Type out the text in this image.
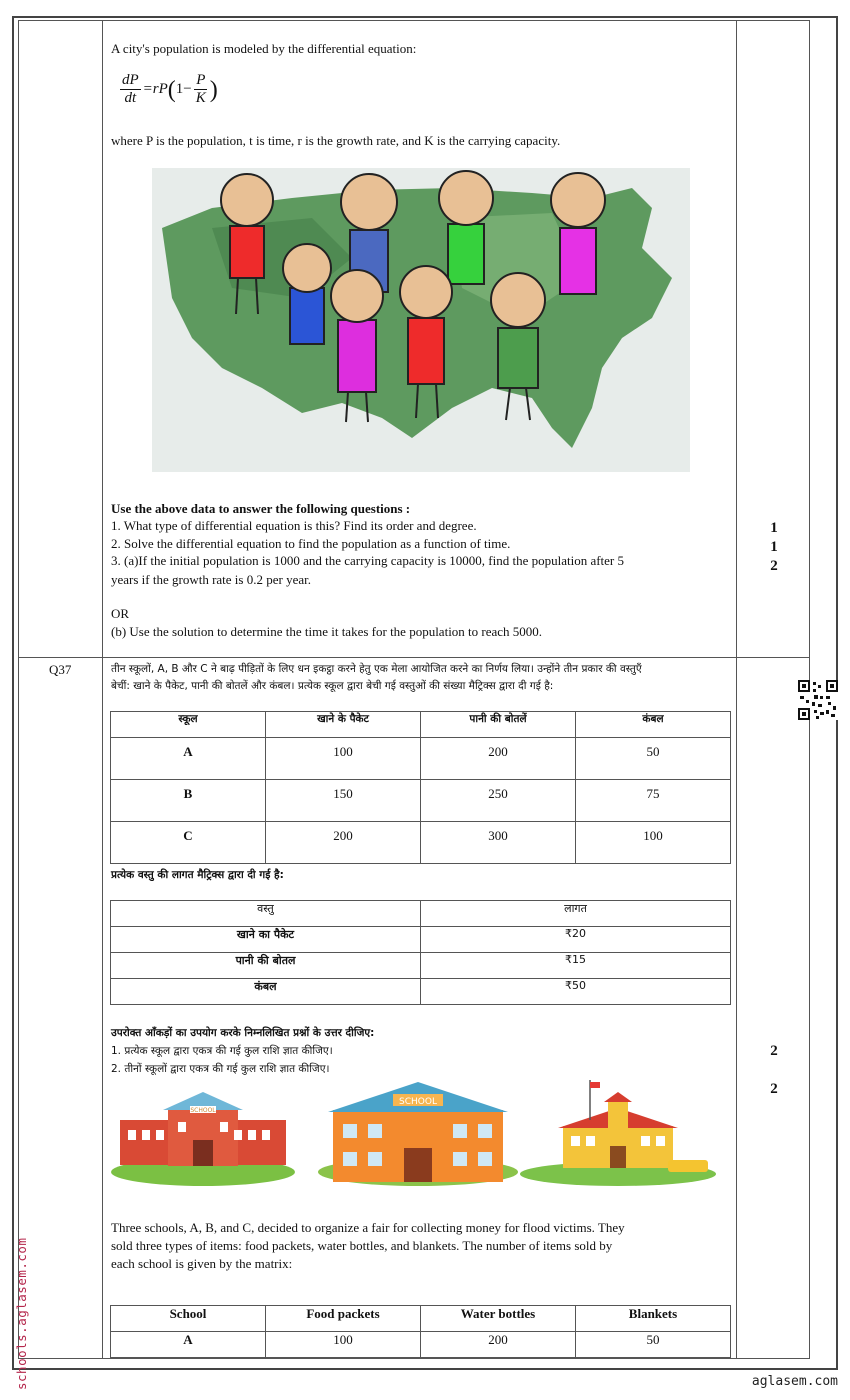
A city's population is modeled by the differential equation:
$\frac{dP}{dt}$ = rP ( $1- \frac{P}{K}$ )
where P is the population, t is time, r is the growth rate, and K is the carrying capacity.
Use the above data to answer the following questions :
1. What type of differential equation is this? Find its order and degree.
2. Solve the differential equation to find the population as a function of time.
3. (a)If the initial population is 1000 and the carrying capacity is 10000, find the population after 5
years if the growth rate is 0.2 per year.
OR
(b) Use the solution to determine the time it takes for the population to reach 5000.
1
1
2
Q37	तीन स्कूलों, A, B और C ने बाढ़ पीड़ितों के लिए धन इकट्ठा करने हेतु एक मेला आयोजित करने का निर्णय लिया। उन्होंने तीन प्रकार की वस्तुएँ
बेचीं: खाने के पैकेट, पानी की बोतलें और कंबल। प्रत्येक स्कूल द्वारा बेची गई वस्तुओं की संख्या मैट्रिक्स द्वारा दी गई है:
स्कूल	खाने के पैकेट	पानी की बोतलें	कंबल
A	100	200	50
B	150	250	75
C	200	300	100
प्रत्येक वस्तु की लागत मैट्रिक्स द्वारा दी गई है:
वस्तु	लागत
खाने का पैकेट	₹20
पानी की बोतल	₹15
कंबल	₹50
उपरोक्त आँकड़ों का उपयोग करके निम्नलिखित प्रश्नों के उत्तर दीजिए:
1. प्रत्येक स्कूल द्वारा एकत्र की गई कुल राशि ज्ञात कीजिए।
2. तीनों स्कूलों द्वारा एकत्र की गई कुल राशि ज्ञात कीजिए।
2
2
SCHOOL
SCHOOL
Three schools, A, B, and C, decided to organize a fair for collecting money for flood victims. They
sold three types of items: food packets, water bottles, and blankets. The number of items sold by
each school is given by the matrix:
School	Food packets	Water bottles	Blankets
A	100	200	50
schools.aglasem.com	aglasem.com
